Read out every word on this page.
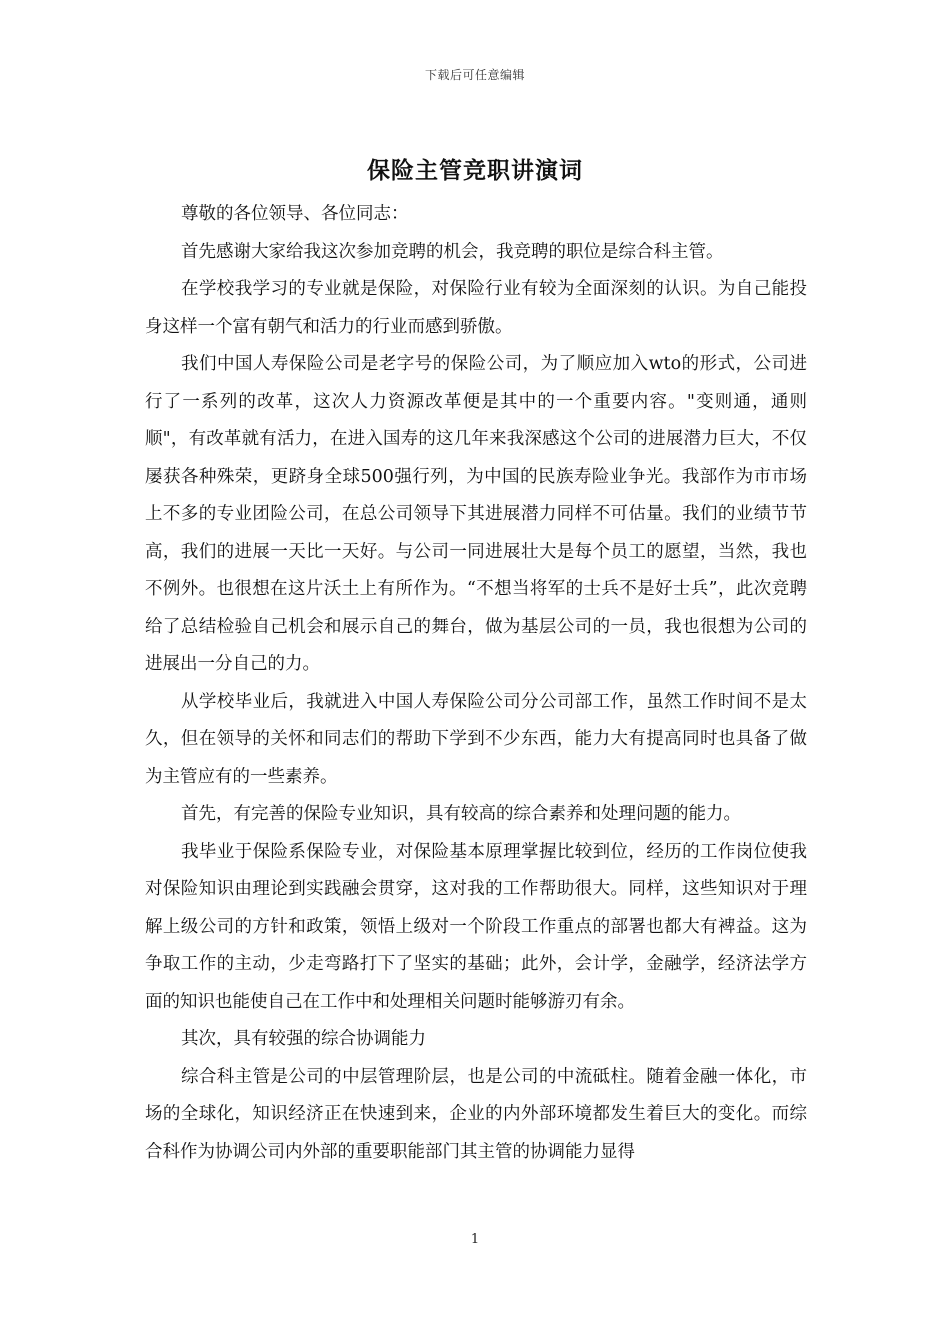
下载后可任意编辑
保险主管竞职讲演词

尊敬的各位领导、各位同志：

首先感谢大家给我这次参加竞聘的机会，我竞聘的职位是综合科主管。

在学校我学习的专业就是保险，对保险行业有较为全面深刻的认识。为自己能投身这样一个富有朝气和活力的行业而感到骄傲。

我们中国人寿保险公司是老字号的保险公司，为了顺应加入wto的形式，公司进行了一系列的改革，这次人力资源改革便是其中的一个重要内容。"变则通，通则顺"，有改革就有活力，在进入国寿的这几年来我深感这个公司的进展潜力巨大，不仅屡获各种殊荣，更跻身全球500强行列，为中国的民族寿险业争光。我部作为市市场上不多的专业团险公司，在总公司领导下其进展潜力同样不可估量。我们的业绩节节高，我们的进展一天比一天好。与公司一同进展壮大是每个员工的愿望，当然，我也不例外。也很想在这片沃土上有所作为。“不想当将军的士兵不是好士兵”，此次竞聘给了总结检验自己机会和展示自己的舞台，做为基层公司的一员，我也很想为公司的进展出一分自己的力。

从学校毕业后，我就进入中国人寿保险公司分公司部工作，虽然工作时间不是太久，但在领导的关怀和同志们的帮助下学到不少东西，能力大有提高同时也具备了做为主管应有的一些素养。

首先，有完善的保险专业知识，具有较高的综合素养和处理问题的能力。

我毕业于保险系保险专业，对保险基本原理掌握比较到位，经历的工作岗位使我对保险知识由理论到实践融会贯穿，这对我的工作帮助很大。同样，这些知识对于理解上级公司的方针和政策，领悟上级对一个阶段工作重点的部署也都大有裨益。这为争取工作的主动，少走弯路打下了坚实的基础；此外，会计学，金融学，经济法学方面的知识也能使自己在工作中和处理相关问题时能够游刃有余。

其次，具有较强的综合协调能力

综合科主管是公司的中层管理阶层，也是公司的中流砥柱。随着金融一体化，市场的全球化，知识经济正在快速到来，企业的内外部环境都发生着巨大的变化。而综合科作为协调公司内外部的重要职能部门其主管的协调能力显得

1
